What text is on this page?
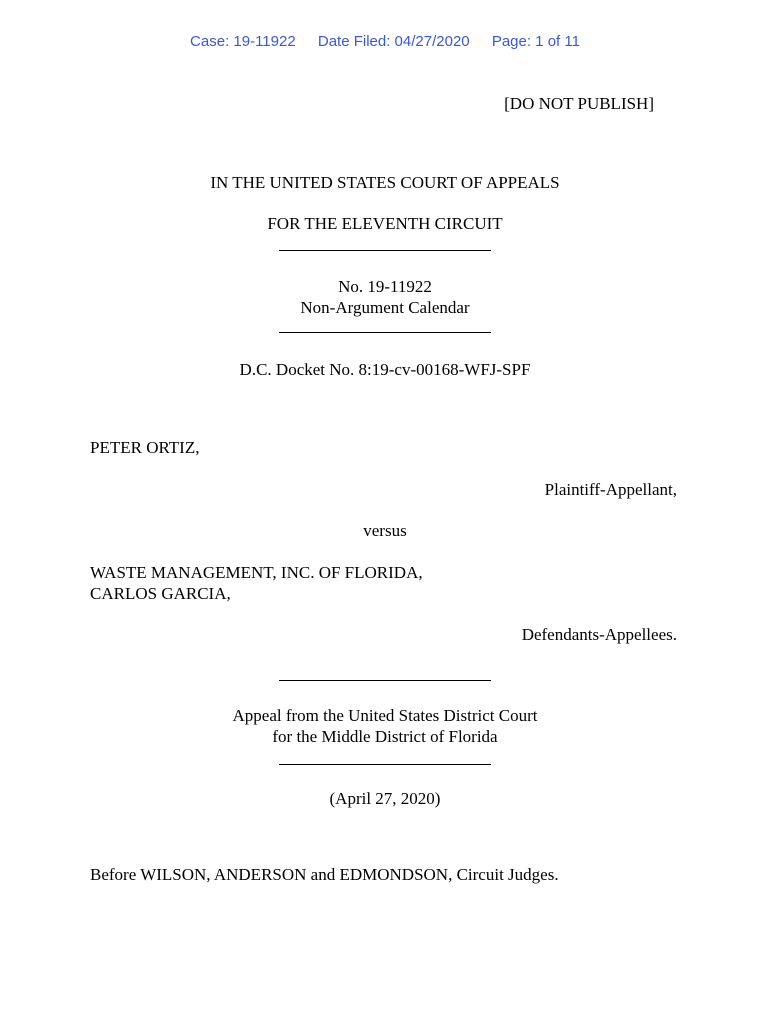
Case: 19-11922 Date Filed: 04/27/2020 Page: 1 of 11
[DO NOT PUBLISH]
IN THE UNITED STATES COURT OF APPEALS
FOR THE ELEVENTH CIRCUIT
No. 19-11922
Non-Argument Calendar
D.C. Docket No. 8:19-cv-00168-WFJ-SPF
PETER ORTIZ,
Plaintiff-Appellant,
versus
WASTE MANAGEMENT, INC. OF FLORIDA,
CARLOS GARCIA,
Defendants-Appellees.
Appeal from the United States District Court
for the Middle District of Florida
(April 27, 2020)
Before WILSON, ANDERSON and EDMONDSON, Circuit Judges.
